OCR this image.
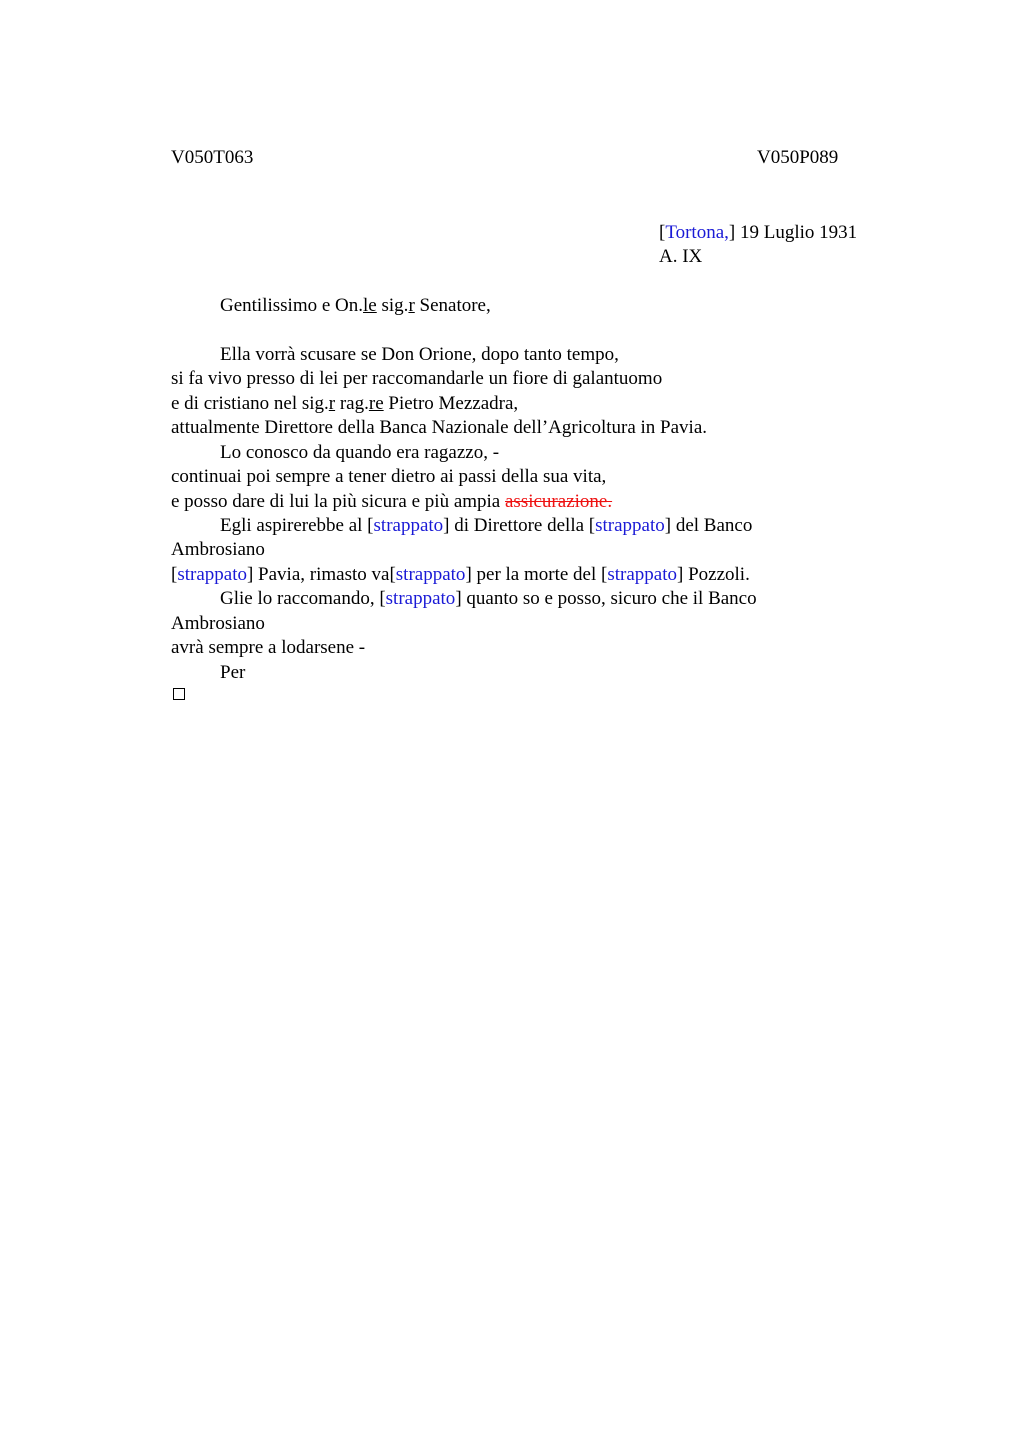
V050T063	V050P089
[Tortona,] 19 Luglio 1931
A. IX
Gentilissimo e On.le sig.r Senatore,
Ella vorrà scusare se Don Orione, dopo tanto tempo,
si fa vivo presso di lei per raccomandarle un fiore di galantuomo
e di cristiano nel sig.r rag.re Pietro Mezzadra,
attualmente Direttore della Banca Nazionale dell’Agricoltura in Pavia.
Lo conosco da quando era ragazzo, -
continuai poi sempre a tener dietro ai passi della sua vita,
e posso dare di lui la più sicura e più ampia assicurazione.
Egli aspirerebbe al [strappato] di Direttore della [strappato] del Banco
Ambrosiano
[strappato] Pavia, rimasto va[strappato] per la morte del [strappato] Pozzoli.
Glie lo raccomando, [strappato] quanto so e posso, sicuro che il Banco
Ambrosiano
avrà sempre a lodarsene -
Per
